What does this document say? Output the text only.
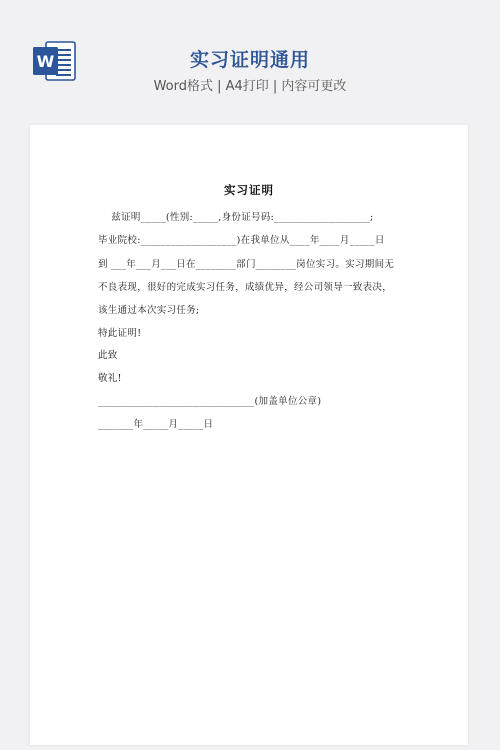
W	实习证明通用
Word格式 | A4打印 | 内容可更改
实习证明
兹证明_____(性别:_____,身份证号码:___________________;
毕业院校:___________________)在我单位从____年____月_____日
到 ___年___月___日在________部门________岗位实习。实习期间无
不良表现，很好的完成实习任务，成绩优异，经公司领导一致表决，
该生通过本次实习任务;
特此证明!
此致
敬礼!
_______________________________(加盖单位公章)
_______年_____月_____日
